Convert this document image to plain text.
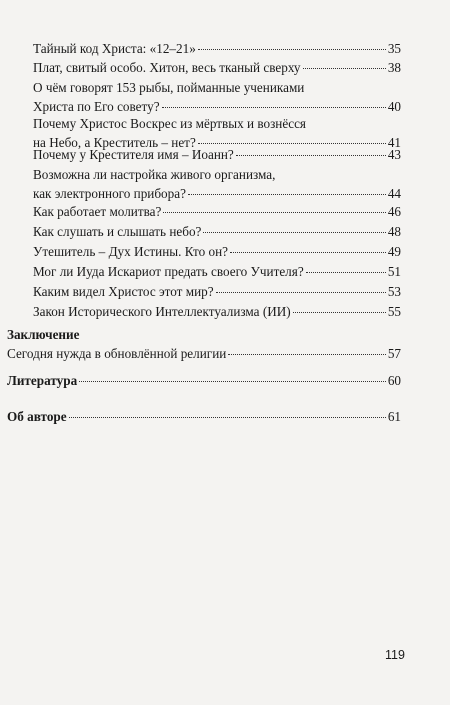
Тайный код Христа: «12–21»	35
Плат, свитый особо. Хитон, весь тканый сверху	38
О чём говорят 153 рыбы, пойманные учениками
Христа по Его совету?	40
Почему Христос Воскрес из мёртвых и вознёсся
на Небо, а Креститель – нет?	41
Почему у Крестителя имя – Иоанн?	43
Возможна ли настройка живого организма,
как электронного прибора?	44
Как работает молитва?	46
Как слушать и слышать небо?	48
Утешитель – Дух Истины. Кто он?	49
Мог ли Иуда Искариот предать своего Учителя?	51
Каким видел Христос этот мир?	53
Закон Исторического Интеллектуализма (ИИ)	55
Заключение
Сегодня нужда в обновлённой религии	57
Литература	60
Об авторе	61
119
